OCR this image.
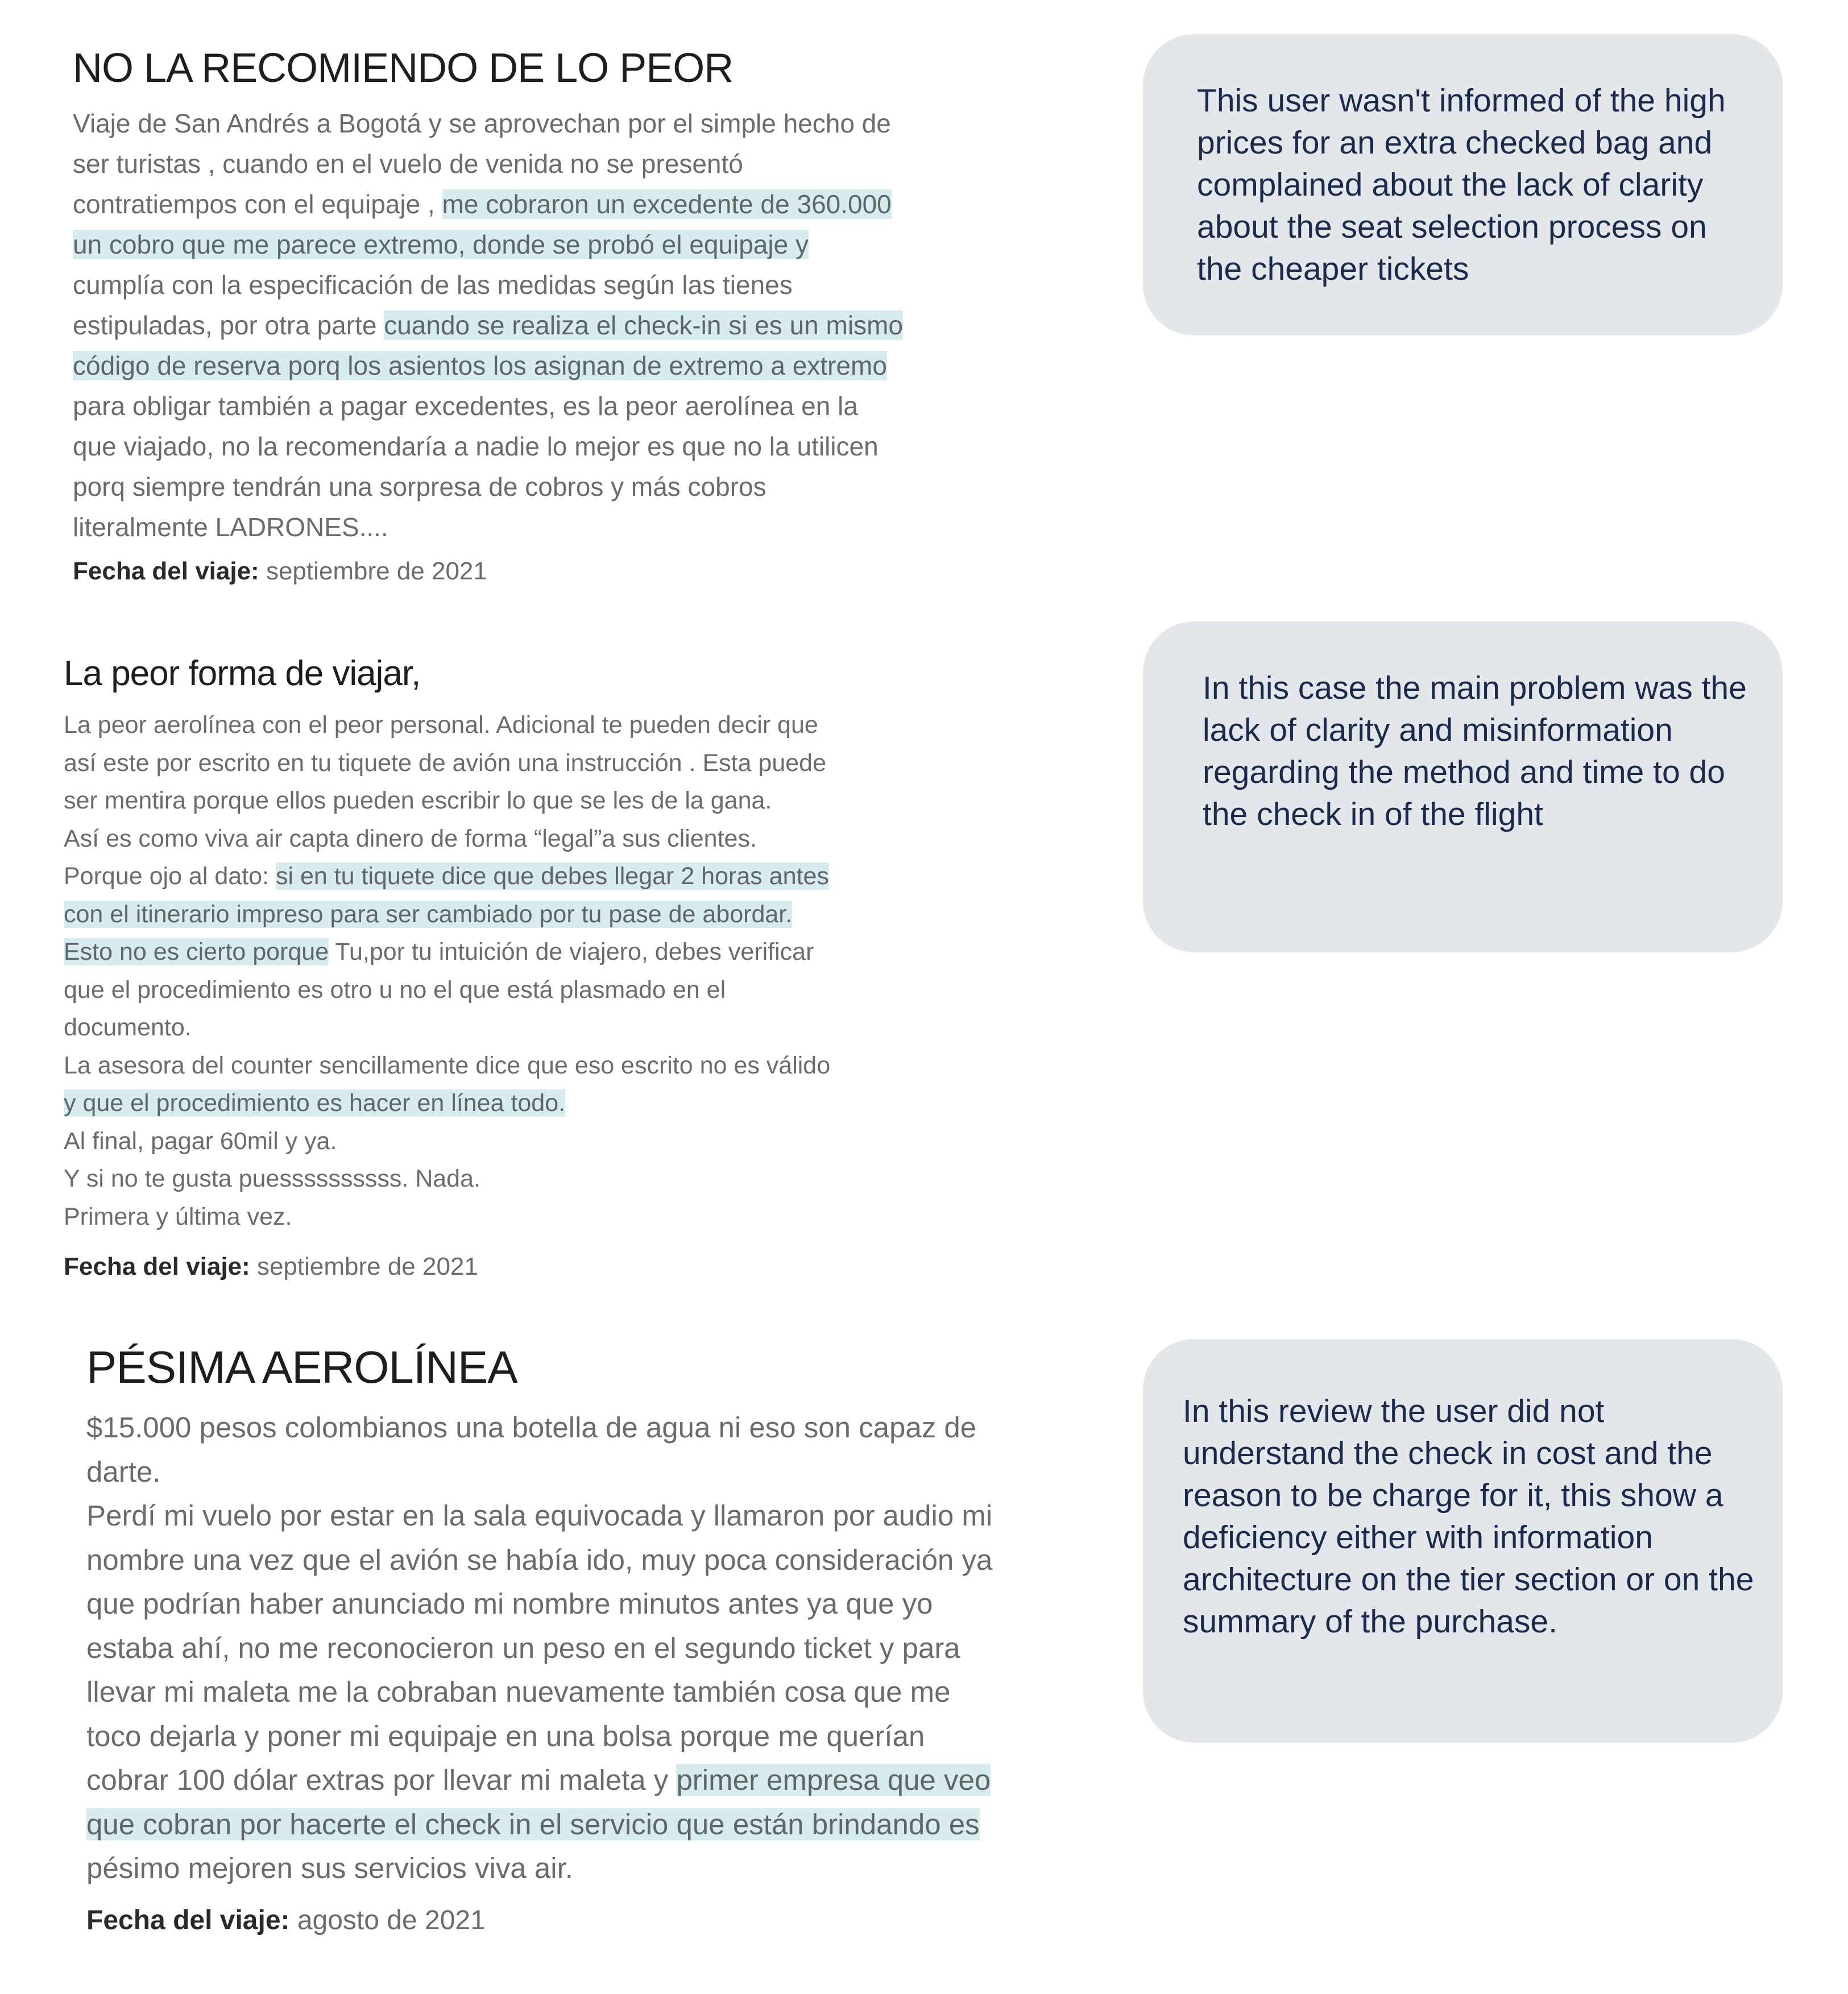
NO LA RECOMIENDO DE LO PEOR
Viaje de San Andrés a Bogotá y se aprovechan por el simple hecho de
ser turistas , cuando en el vuelo de venida no se presentó
contratiempos con el equipaje , me cobraron un excedente de 360.000
un cobro que me parece extremo, donde se probó el equipaje y
cumplía con la especificación de las medidas según las tienes
estipuladas, por otra parte cuando se realiza el check-in si es un mismo
código de reserva porq los asientos los asignan de extremo a extremo
para obligar también a pagar excedentes, es la peor aerolínea en la
que viajado, no la recomendaría a nadie lo mejor es que no la utilicen
porq siempre tendrán una sorpresa de cobros y más cobros
literalmente LADRONES....
Fecha del viaje: septiembre de 2021
La peor forma de viajar,
La peor aerolínea con el peor personal. Adicional te pueden decir que
así este por escrito en tu tiquete de avión una instrucción . Esta puede
ser mentira porque ellos pueden escribir lo que se les de la gana.
Así es como viva air capta dinero de forma “legal”a sus clientes.
Porque ojo al dato: si en tu tiquete dice que debes llegar 2 horas antes
con el itinerario impreso para ser cambiado por tu pase de abordar.
Esto no es cierto porque Tu,por tu intuición de viajero, debes verificar
que el procedimiento es otro u no el que está plasmado en el
documento.
La asesora del counter sencillamente dice que eso escrito no es válido
y que el procedimiento es hacer en línea todo.
Al final, pagar 60mil y ya.
Y si no te gusta puessssssssss. Nada.
Primera y última vez.
Fecha del viaje: septiembre de 2021
PÉSIMA AEROLÍNEA
$15.000 pesos colombianos una botella de agua ni eso son capaz de
darte.
Perdí mi vuelo por estar en la sala equivocada y llamaron por audio mi
nombre una vez que el avión se había ido, muy poca consideración ya
que podrían haber anunciado mi nombre minutos antes ya que yo
estaba ahí, no me reconocieron un peso en el segundo ticket y para
llevar mi maleta me la cobraban nuevamente también cosa que me
toco dejarla y poner mi equipaje en una bolsa porque me querían
cobrar 100 dólar extras por llevar mi maleta y primer empresa que veo
que cobran por hacerte el check in el servicio que están brindando es
pésimo mejoren sus servicios viva air.
Fecha del viaje: agosto de 2021

This user wasn't informed of the high prices for an extra checked bag and complained about the lack of clarity about the seat selection process on the cheaper tickets

In this case the main problem was the lack of clarity and misinformation regarding the method and time to do the check in of the flight

In this review the user did not understand the check in cost and the reason to be charge for it, this show a deficiency either with information architecture on the tier section or on the summary of the purchase.
